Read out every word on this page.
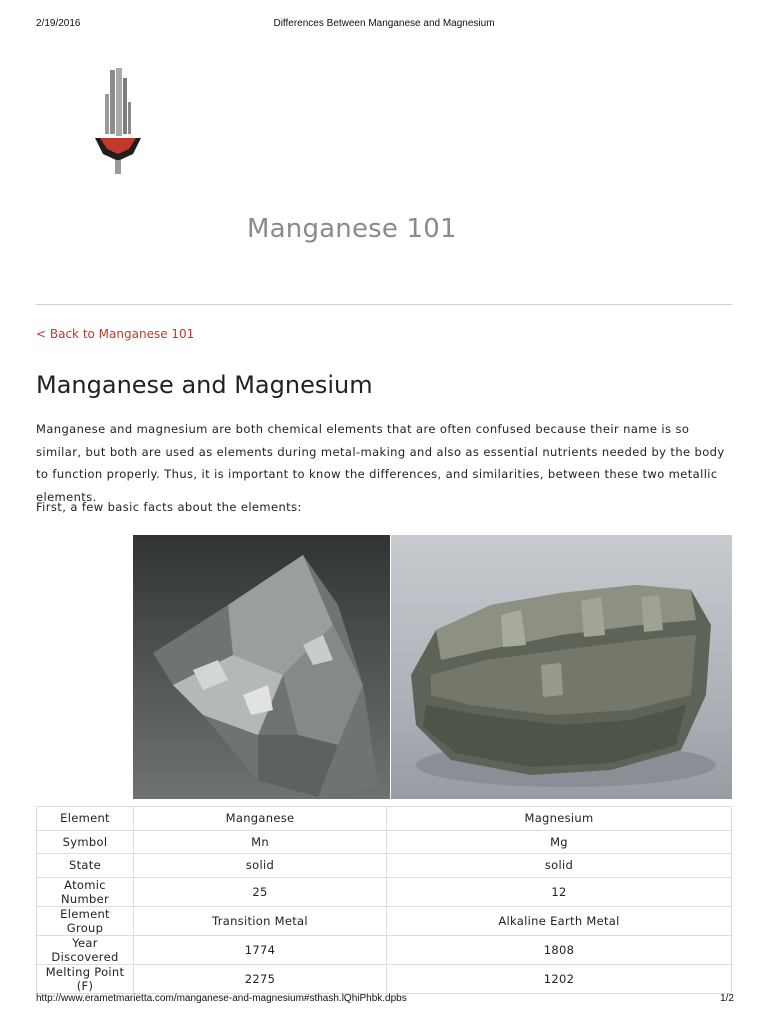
2/19/2016	Differences Between Manganese and Magnesium
Manganese 101
< Back to Manganese 101
Manganese and Magnesium

Manganese and magnesium are both chemical elements that are often confused because their name is so similar, but both are used as elements during metal-making and also as essential nutrients needed by the body to function properly. Thus, it is important to know the differences, and similarities, between these two metallic elements.

First, a few basic facts about the elements:

Element	Manganese	Magnesium
Symbol	Mn	Mg
State	solid	solid
Atomic Number	25	12
Element Group	Transition Metal	Alkaline Earth Metal
Year Discovered	1774	1808
Melting Point (F)	2275	1202
http://www.erametmarietta.com/manganese-and-magnesium#sthash.lQhiPhbk.dpbs	1/2
